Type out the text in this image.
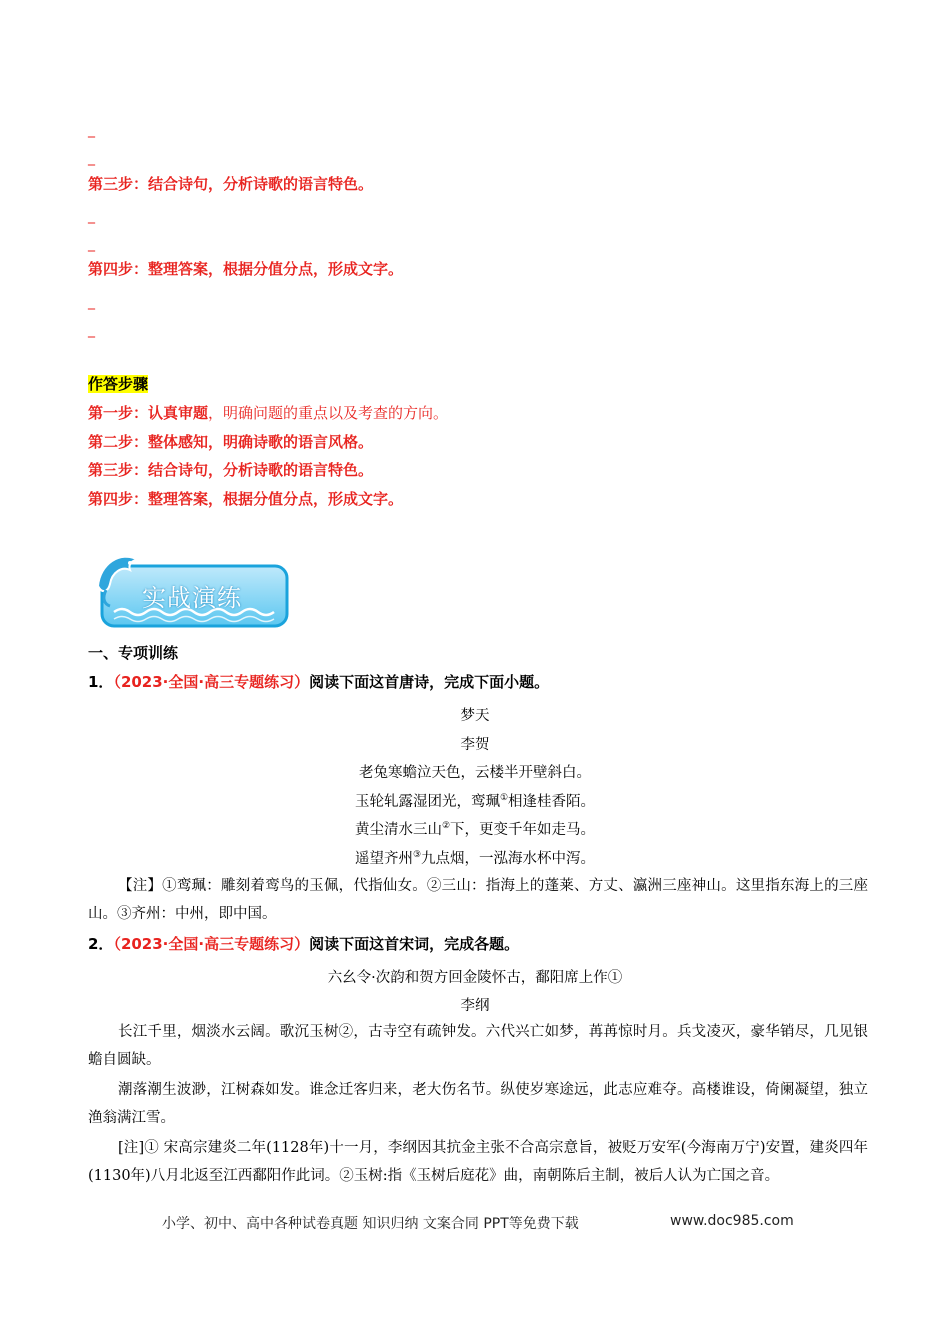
_
_
第三步：结合诗句，分析诗歌的语言特色。
_
_
第四步：整理答案，根据分值分点，形成文字。
_
_
作答步骤
第一步：认真审题，明确问题的重点以及考查的方向。
第二步：整体感知，明确诗歌的语言风格。
第三步：结合诗句，分析诗歌的语言特色。
第四步：整理答案，根据分值分点，形成文字。
实战演练
一、专项训练
1．（2023·全国·高三专题练习）阅读下面这首唐诗，完成下面小题。
梦天
李贺
老兔寒蟾泣天色，云楼半开壁斜白。
玉轮轧露湿团光，鸾珮①相逢桂香陌。
黄尘清水三山②下，更变千年如走马。
遥望齐州③九点烟，一泓海水杯中泻。
【注】①鸾珮：雕刻着鸾鸟的玉佩，代指仙女。②三山：指海上的蓬莱、方丈、瀛洲三座神山。这里指东海上的三座山。③齐州：中州，即中国。
2．（2023·全国·高三专题练习）阅读下面这首宋词，完成各题。
六幺令·次韵和贺方回金陵怀古，鄱阳席上作①
李纲
长江千里，烟淡水云阔。歌沉玉树②，古寺空有疏钟发。六代兴亡如梦，苒苒惊时月。兵戈凌灭，豪华销尽，几见银蟾自圆缺。
潮落潮生波渺，江树森如发。谁念迁客归来，老大伤名节。纵使岁寒途远，此志应难夺。高楼谁设，倚阑凝望，独立渔翁满江雪。
[注]① 宋高宗建炎二年(1128年)十一月，李纲因其抗金主张不合高宗意旨，被贬万安军(今海南万宁)安置，建炎四年(1130年)八月北返至江西鄱阳作此词。②玉树:指《玉树后庭花》曲，南朝陈后主制，被后人认为亡国之音。
小学、初中、高中各种试卷真题 知识归纳 文案合同 PPT等免费下载	www.doc985.com
